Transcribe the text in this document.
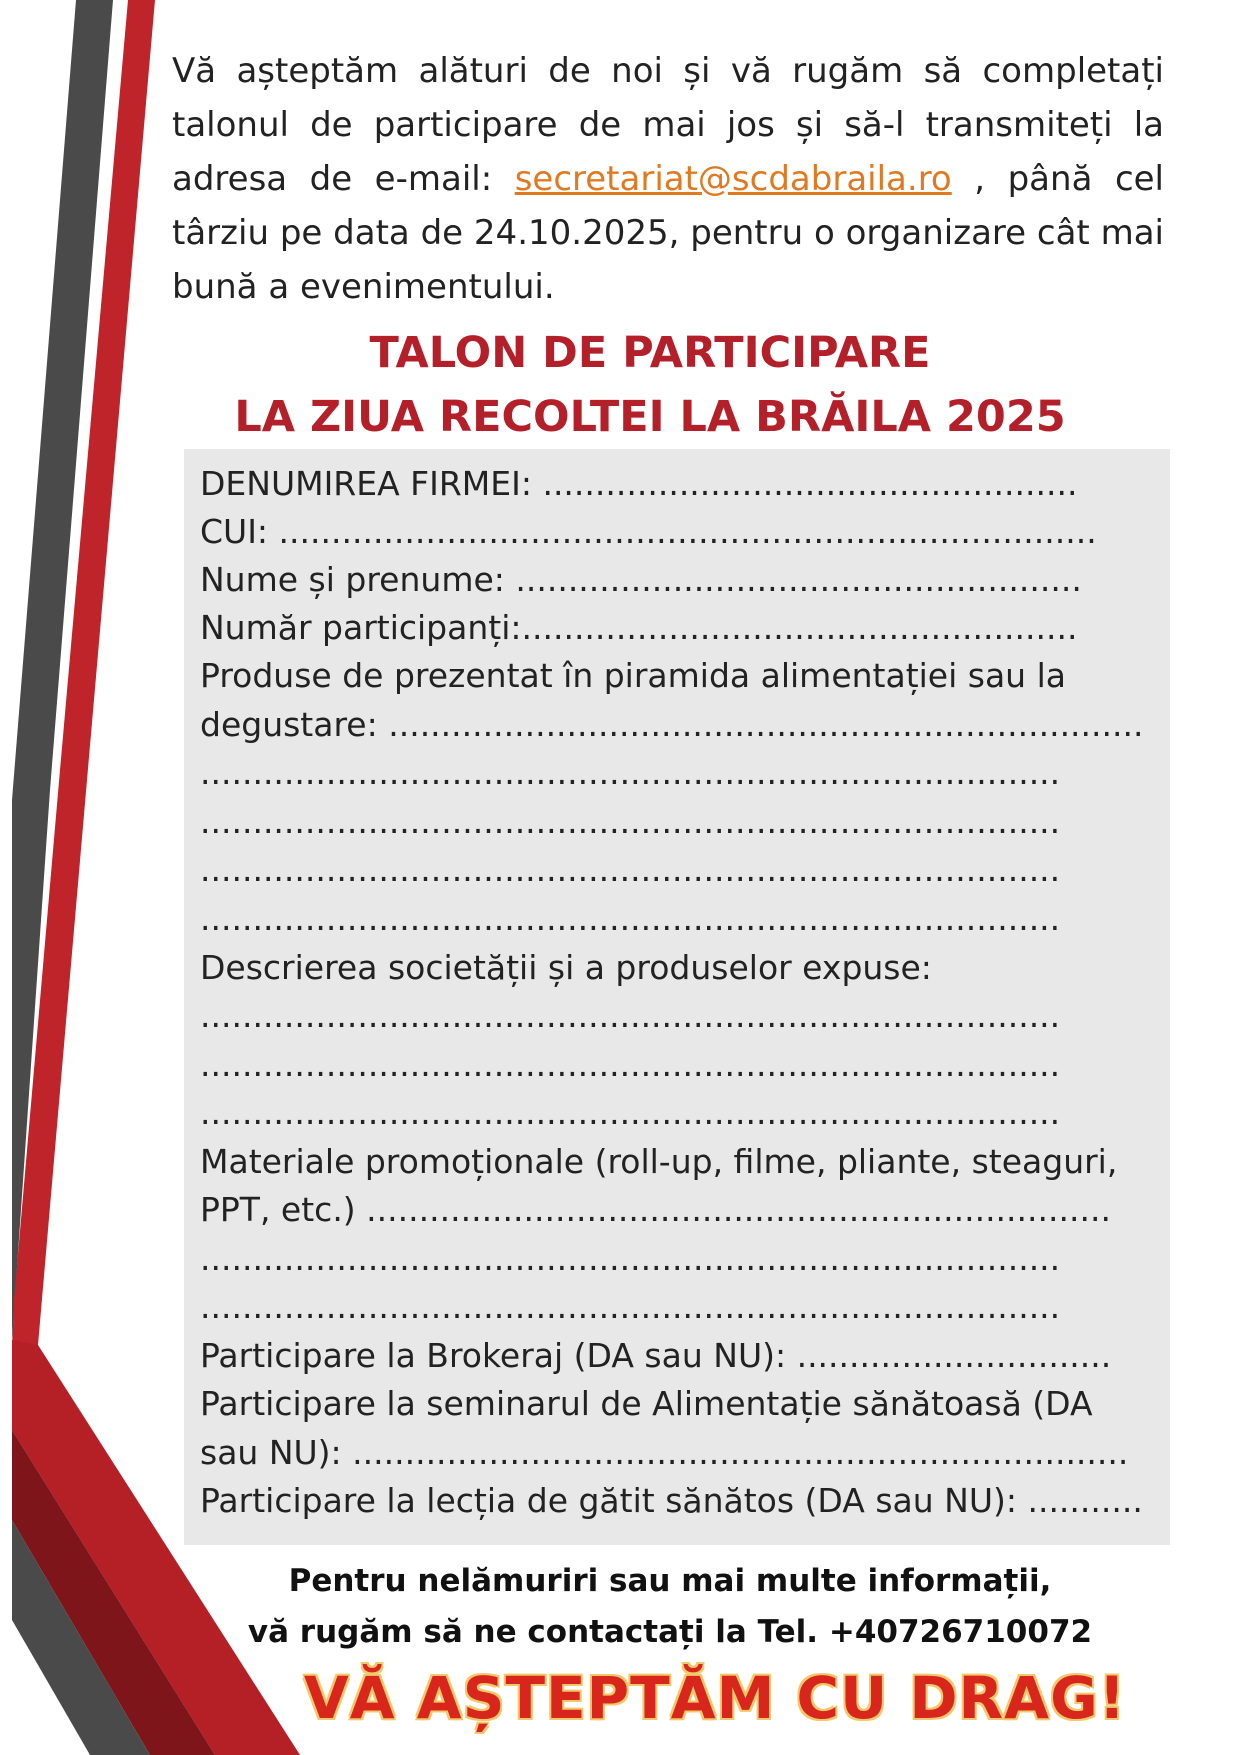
Vă așteptăm alături de noi și vă rugăm să completați talonul de participare de mai jos și să-l transmiteți la adresa de e-mail: secretariat@scdabraila.ro , până cel târziu pe data de 24.10.2025, pentru o organizare cât mai bună a evenimentului.
TALON DE PARTICIPARE
LA ZIUA RECOLTEI LA BRĂILA 2025
DENUMIREA FIRMEI: ...................................................
CUI: ..............................................................................
Nume și prenume: ......................................................
Număr participanți:.....................................................
Produse de prezentat în piramida alimentației sau la
degustare: ........................................................................
..................................................................................
..................................................................................
..................................................................................
..................................................................................
Descrierea societății și a produselor expuse:
..................................................................................
..................................................................................
..................................................................................
Materiale promoționale (roll-up, filme, pliante, steaguri,
PPT, etc.) .......................................................................
..................................................................................
..................................................................................
Participare la Brokeraj (DA sau NU): ..............................
Participare la seminarul de Alimentație sănătoasă (DA
sau NU): ..........................................................................
Participare la lecția de gătit sănătos (DA sau NU): ...........
Pentru nelămuriri sau mai multe informații,
vă rugăm să ne contactați la Tel. +40726710072
VĂ AȘTEPTĂM CU DRAG!
